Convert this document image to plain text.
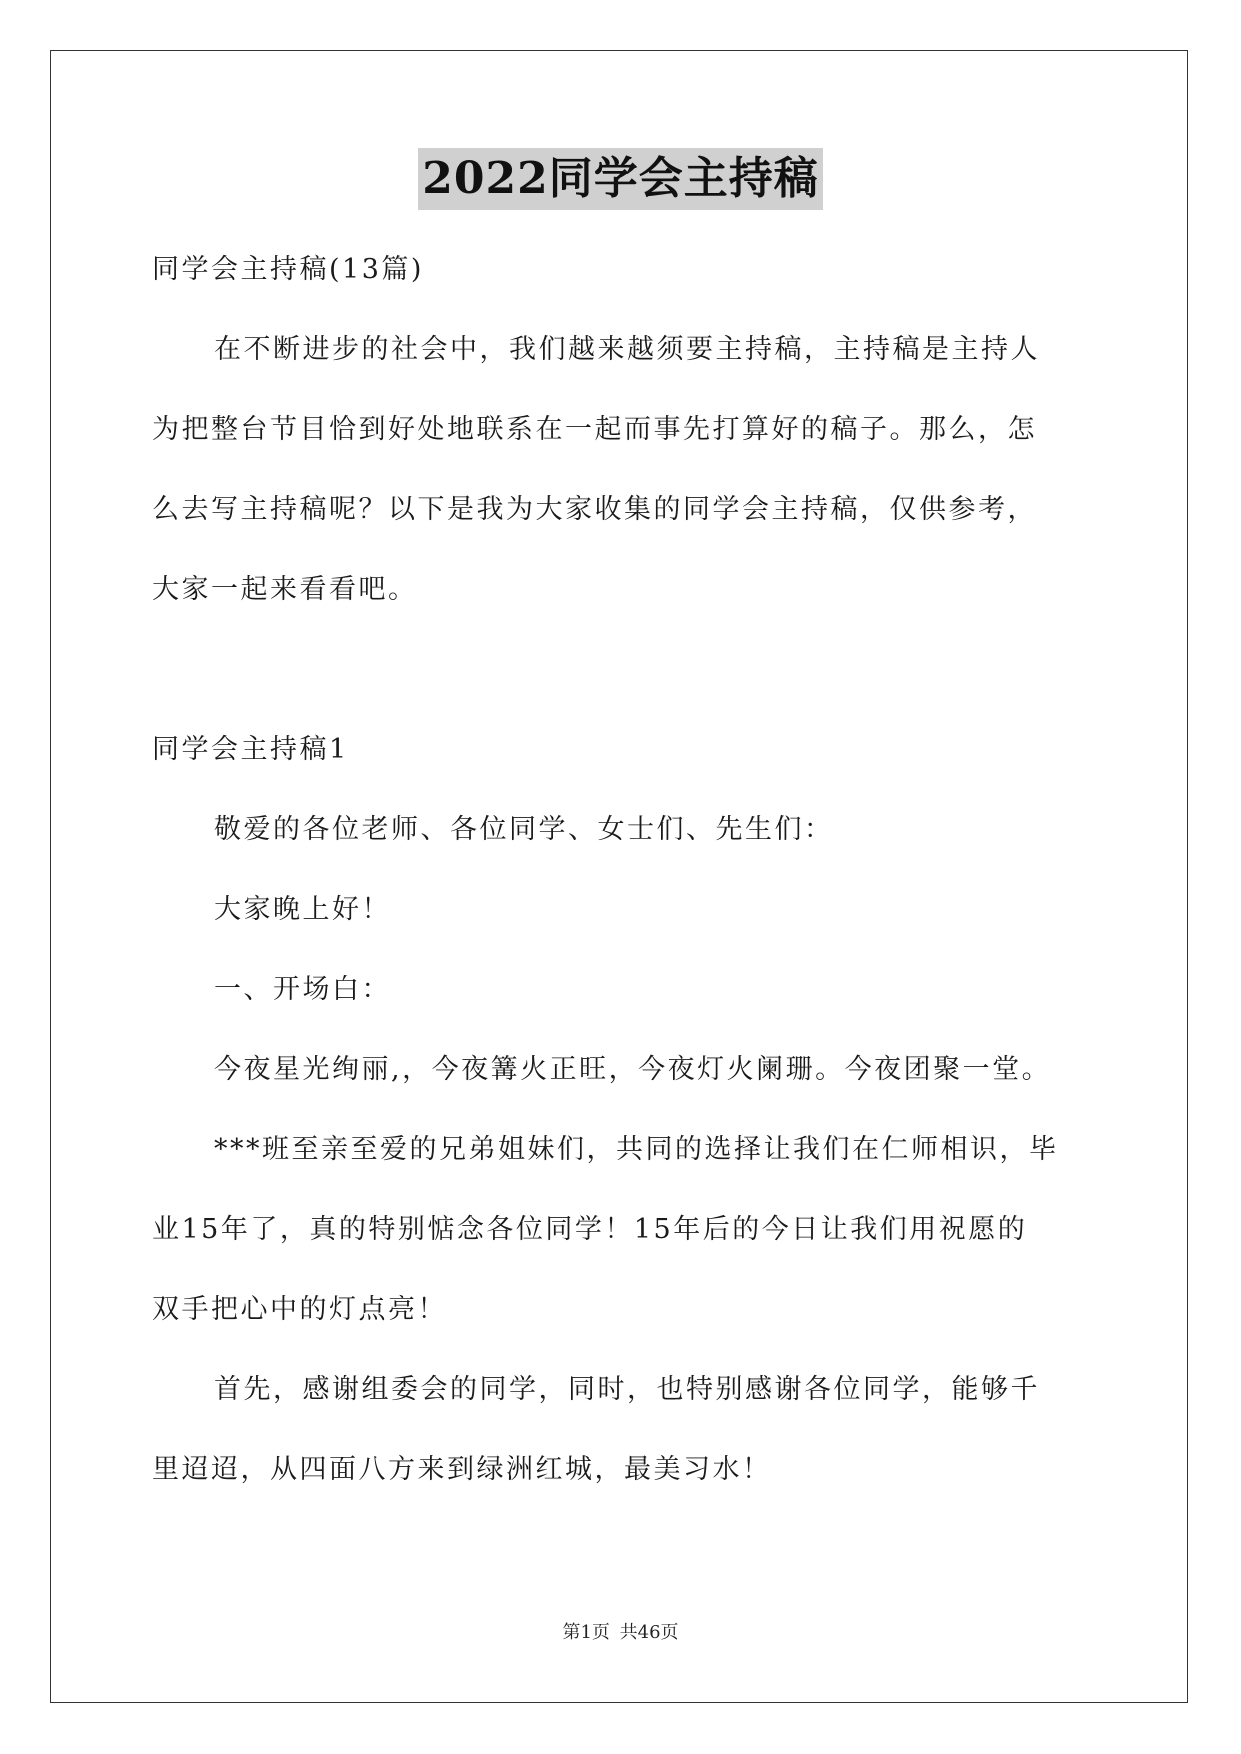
2022同学会主持稿
同学会主持稿(13篇)
在不断进步的社会中，我们越来越须要主持稿，主持稿是主持人
为把整台节目恰到好处地联系在一起而事先打算好的稿子。那么，怎
么去写主持稿呢？以下是我为大家收集的同学会主持稿，仅供参考，
大家一起来看看吧。
同学会主持稿1
敬爱的各位老师、各位同学、女士们、先生们：
大家晚上好！
一、开场白：
今夜星光绚丽,，今夜篝火正旺，今夜灯火阑珊。今夜团聚一堂。
***班至亲至爱的兄弟姐妹们，共同的选择让我们在仁师相识，毕
业15年了，真的特别惦念各位同学！15年后的今日让我们用祝愿的
双手把心中的灯点亮！
首先，感谢组委会的同学，同时，也特别感谢各位同学，能够千
里迢迢，从四面八方来到绿洲红城，最美习水！
第1页 共46页
